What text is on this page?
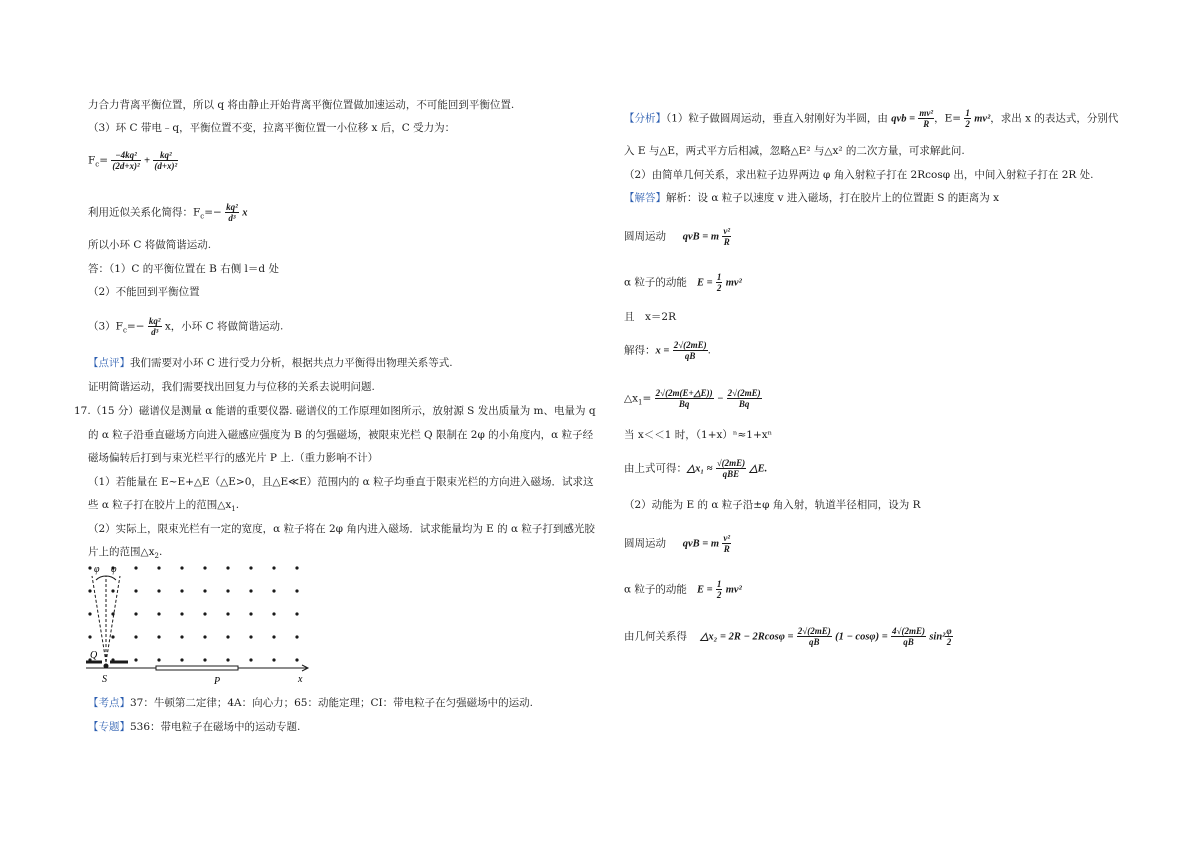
力合力背离平衡位置，所以 q 将由静止开始背离平衡位置做加速运动，不可能回到平衡位置.
（3）环 C 带电﹣q，平衡位置不变，拉离平衡位置一小位移 x 后，C 受力为：
$F_c= \frac{\text{−4kq²}}{\text{(2d+x)²}} + \frac{\text{kq²}}{\text{(d+x)²}}$
利用近似关系化简得：$F_c=- \frac{\text{kq²}}{\text{d³}}$ x
所以小环 C 将做简谐运动.
答：（1）C 的平衡位置在 B 右侧 l＝d 处
（2）不能回到平衡位置
$(3)F_c=- \frac{\text{kq²}}{\text{d³}}$ x，小环 C 将做简谐运动.
【点评】我们需要对小环 C 进行受力分析，根据共点力平衡得出物理关系等式.
证明简谐运动，我们需要找出回复力与位移的关系去说明问题.
17.（15 分）磁谱仪是测量 α 能谱的重要仪器. 磁谱仪的工作原理如图所示，放射源 S 发出质量为 m、电量为 q
的 α 粒子沿垂直磁场方向进入磁感应强度为 B 的匀强磁场，被限束光栏 Q 限制在 2φ 的小角度内，α 粒子经
磁场偏转后打到与束光栏平行的感光片 P 上.（重力影响不计）
（1）若能量在 E~E+△E（△E>0，且△E≪E）范围内的 α 粒子均垂直于限束光栏的方向进入磁场．试求这
些 α 粒子打在胶片上的范围$\triangle x_1$.
（2）实际上，限束光栏有一定的宽度，α 粒子将在 2φ 角内进入磁场．试求能量均为 E 的 α 粒子打到感光胶
片上的范围$\triangle x_2$.
φ φ
Q
S	P	x
【考点】37：牛顿第二定律；4A：向心力；65：动能定理；CI：带电粒子在匀强磁场中的运动.
【专题】536：带电粒子在磁场中的运动专题.
【分析】（1）粒子做圆周运动，垂直入射刚好为半圆，由 qvb = $\frac{\text{mv²}}{R}$ ，$E= \frac{1}{2} mv^2$，求出 x 的表达式，分别代
入 E 与△E，两式平方后相减，忽略△E² 与△x² 的二次方量，可求解此问.
（2）由简单几何关系，求出粒子边界两边 φ 角入射粒子打在 2Rcosφ 出，中间入射粒子打在 2R 处.
【解答】解析：设 α 粒子以速度 v 进入磁场，打在胶片上的位置距 S 的距离为 x
圆周运动 qvB = m $\frac{\text{v²}}{R}$
α 粒子的动能 $E = \frac{1}{2} mv^2$
且　x＝2R
解得：$x = \frac{2√(2mE)}{qB}$ .
$\triangle x_1= \frac{2√(2m(E+\triangle E))}{Bq} - \frac{2√(2mE)}{Bq}$
当 x＜＜1 时，（1+x）ⁿ≈1+xⁿ
由上式可得：△x₁ ≈ $\frac{√(2mE)}{\text{qBE}}$ △E.
（2）动能为 E 的 α 粒子沿±φ 角入射，轨道半径相同，设为 R
圆周运动 qvB = m $\frac{\text{v²}}{R}$
α 粒子的动能 $E = \frac{1}{2} mv^2$
由几何关系得 △x₂ = $2R - 2Rcos\varphi = \frac{2√(2mE)}{qB} (1 - \cos\varphi) = \frac{4√(2mE)}{qB} \sin^2 \frac{\varphi}{2}$
